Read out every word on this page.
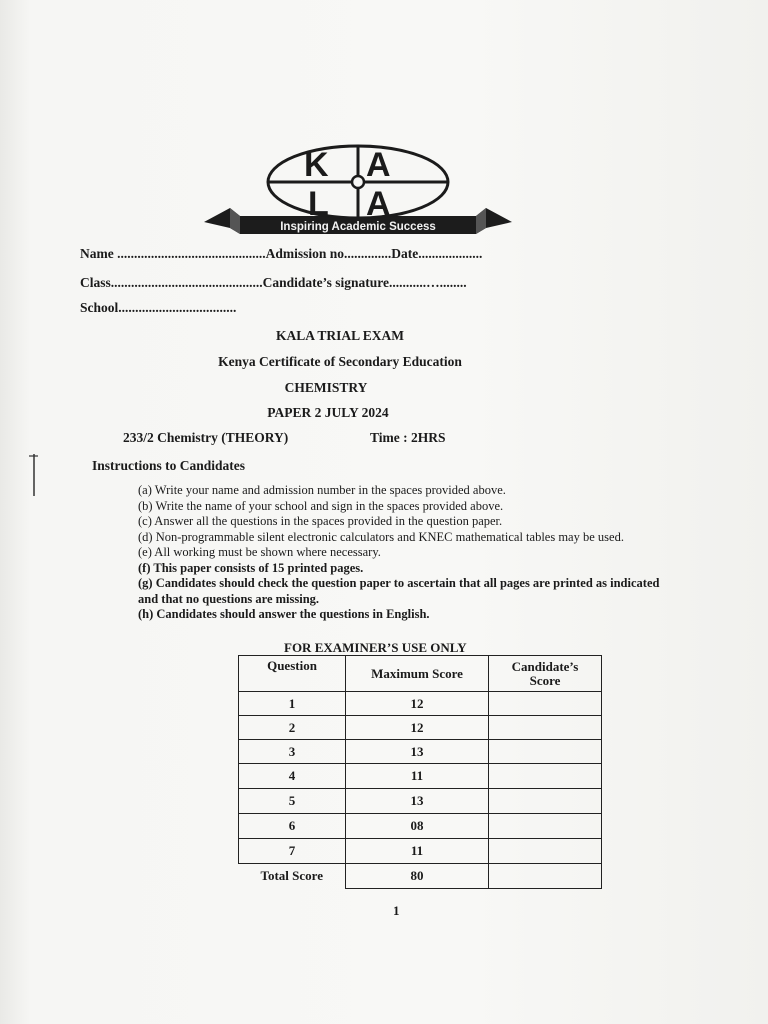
K A
L A
Inspiring Academic Success
Name ............................................Admission no..............Date...................
Class.............................................Candidate’s signature...........…........
School...................................
KALA TRIAL EXAM
Kenya Certificate of Secondary Education
CHEMISTRY
PAPER 2 JULY 2024
233/2 Chemistry (THEORY)	Time : 2HRS
Instructions to Candidates
(a) Write your name and admission number in the spaces provided above.
(b) Write the name of your school and sign in the spaces provided above.
(c) Answer all the questions in the spaces provided in the question paper.
(d) Non-programmable silent electronic calculators and KNEC mathematical tables may be used.
(e) All working must be shown where necessary.
(f) This paper consists of 15 printed pages.
(g) Candidates should check the question paper to ascertain that all pages are printed as indicated and that no questions are missing.
(h) Candidates should answer the questions in English.
FOR EXAMINER’S USE ONLY
Question	Maximum Score	Candidate’s Score
1	12	
2	12	
3	13	
4	11	
5	13	
6	08	
7	11	
Total Score	80	
1
